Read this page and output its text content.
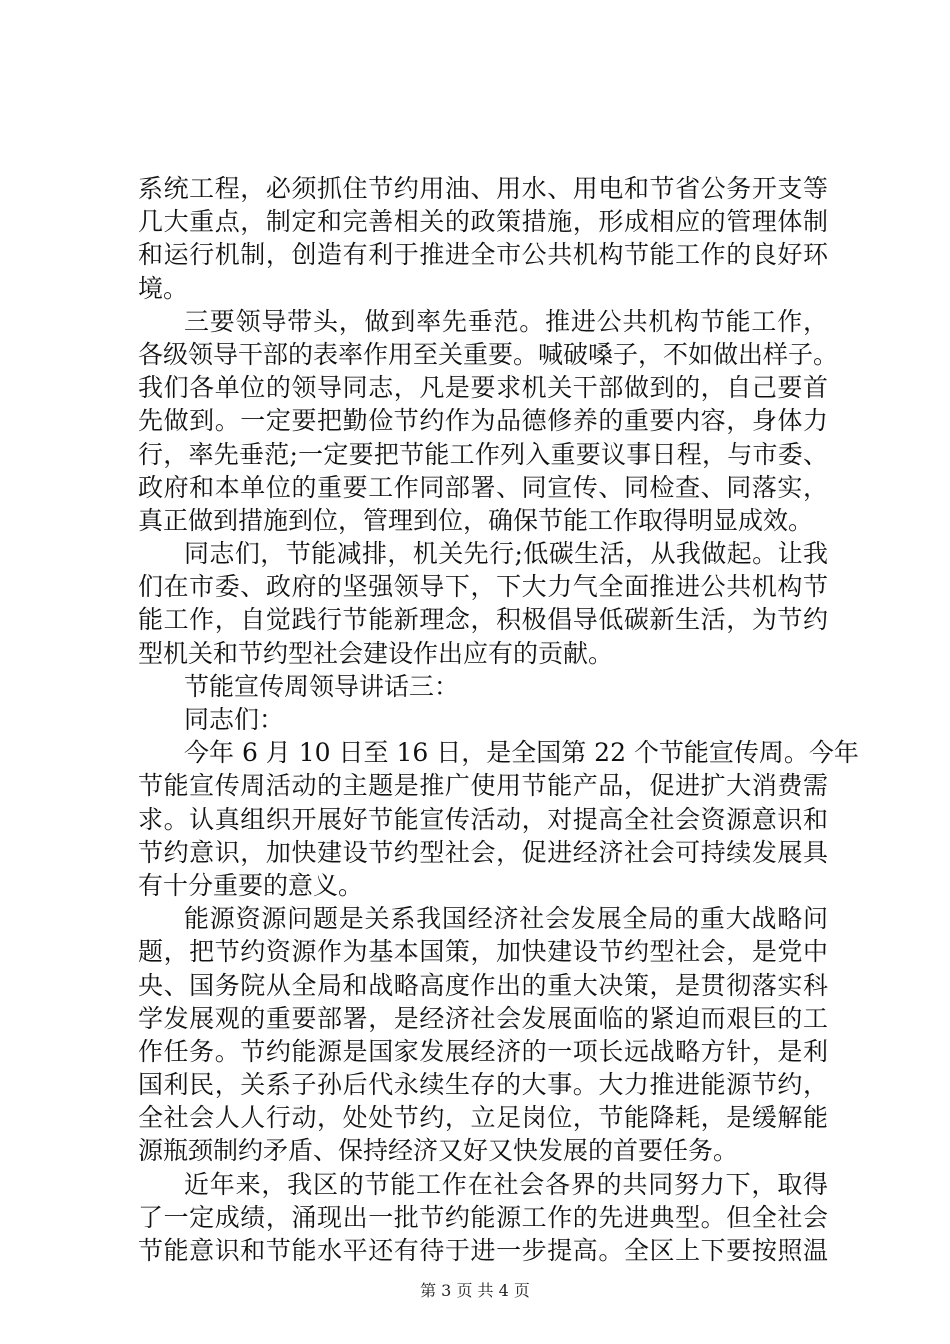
系统工程，必须抓住节约用油、用水、用电和节省公务开支等
几大重点，制定和完善相关的政策措施，形成相应的管理体制
和运行机制，创造有利于推进全市公共机构节能工作的良好环
境。
三要领导带头，做到率先垂范。推进公共机构节能工作，
各级领导干部的表率作用至关重要。喊破嗓子，不如做出样子。
我们各单位的领导同志，凡是要求机关干部做到的，自己要首
先做到。一定要把勤俭节约作为品德修养的重要内容，身体力
行，率先垂范;一定要把节能工作列入重要议事日程，与市委、
政府和本单位的重要工作同部署、同宣传、同检查、同落实，
真正做到措施到位，管理到位，确保节能工作取得明显成效。
同志们，节能减排，机关先行;低碳生活，从我做起。让我
们在市委、政府的坚强领导下，下大力气全面推进公共机构节
能工作，自觉践行节能新理念，积极倡导低碳新生活，为节约
型机关和节约型社会建设作出应有的贡献。
节能宣传周领导讲话三：
同志们：
今年 6 月 10 日至 16 日，是全国第 22 个节能宣传周。今年
节能宣传周活动的主题是推广使用节能产品，促进扩大消费需
求。认真组织开展好节能宣传活动，对提高全社会资源意识和
节约意识，加快建设节约型社会，促进经济社会可持续发展具
有十分重要的意义。
能源资源问题是关系我国经济社会发展全局的重大战略问
题，把节约资源作为基本国策，加快建设节约型社会，是党中
央、国务院从全局和战略高度作出的重大决策，是贯彻落实科
学发展观的重要部署，是经济社会发展面临的紧迫而艰巨的工
作任务。节约能源是国家发展经济的一项长远战略方针，是利
国利民，关系子孙后代永续生存的大事。大力推进能源节约，
全社会人人行动，处处节约，立足岗位，节能降耗，是缓解能
源瓶颈制约矛盾、保持经济又好又快发展的首要任务。
近年来，我区的节能工作在社会各界的共同努力下，取得
了一定成绩，涌现出一批节约能源工作的先进典型。但全社会
节能意识和节能水平还有待于进一步提高。全区上下要按照温
第 3 页 共 4 页
